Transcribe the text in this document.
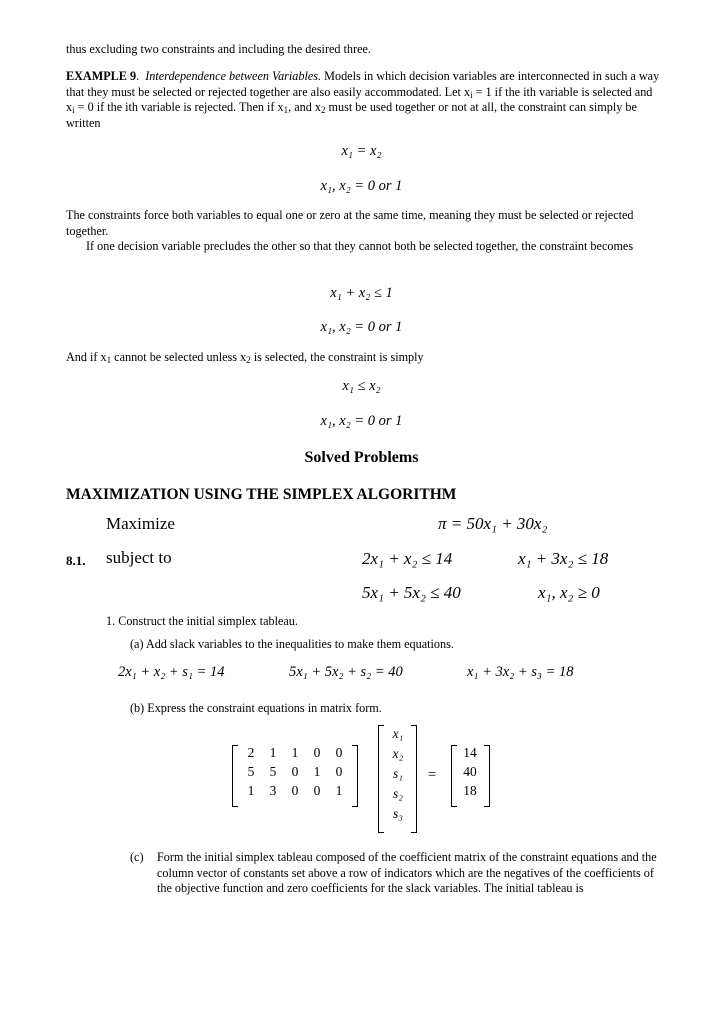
thus excluding two constraints and including the desired three.
EXAMPLE 9.  Interdependence between Variables. Models in which decision variables are interconnected in such a way that they must be selected or rejected together are also easily accommodated. Let $x_i = 1$ if the ith variable is selected and $x_i = 0$ if the ith variable is rejected. Then if $x_1$, and $x_2$ must be used together or not at all, the constraint can simply be written
x₁ = x₂
x₁, x₂ = 0 or 1
The constraints force both variables to equal one or zero at the same time, meaning they must be selected or rejected together.
If one decision variable precludes the other so that they cannot both be selected together, the constraint becomes
x₁ + x₂ ≤ 1
x₁, x₂ = 0 or 1
And if $x_1$ cannot be selected unless $x_2$ is selected, the constraint is simply
x₁ ≤ x₂
x₁, x₂ = 0 or 1
Solved Problems
MAXIMIZATION USING THE SIMPLEX ALGORITHM
Maximize	π = 50x₁ + 30x₂
8.1. subject to	2x₁ + x₂ ≤ 14	x₁ + 3x₂ ≤ 18
5x₁ + 5x₂ ≤ 40	x₁, x₂ ≥ 0
1. Construct the initial simplex tableau.
(a) Add slack variables to the inequalities to make them equations.
2x₁ + x₂ + s₁ = 14	5x₁ + 5x₂ + s₂ = 40	x₁ + 3x₂ + s₃ = 18
(b) Express the constraint equations in matrix form.
2	1	1	0	0
5	5	0	1	0
1	3	0	0	1
x₁
x₂
s₁
s₂
s₃
=
14
40
18
(c)	Form the initial simplex tableau composed of the coefficient matrix of the constraint equations and the column vector of constants set above a row of indicators which are the negatives of the coefficients of the objective function and zero coefficients for the slack variables. The initial tableau is
